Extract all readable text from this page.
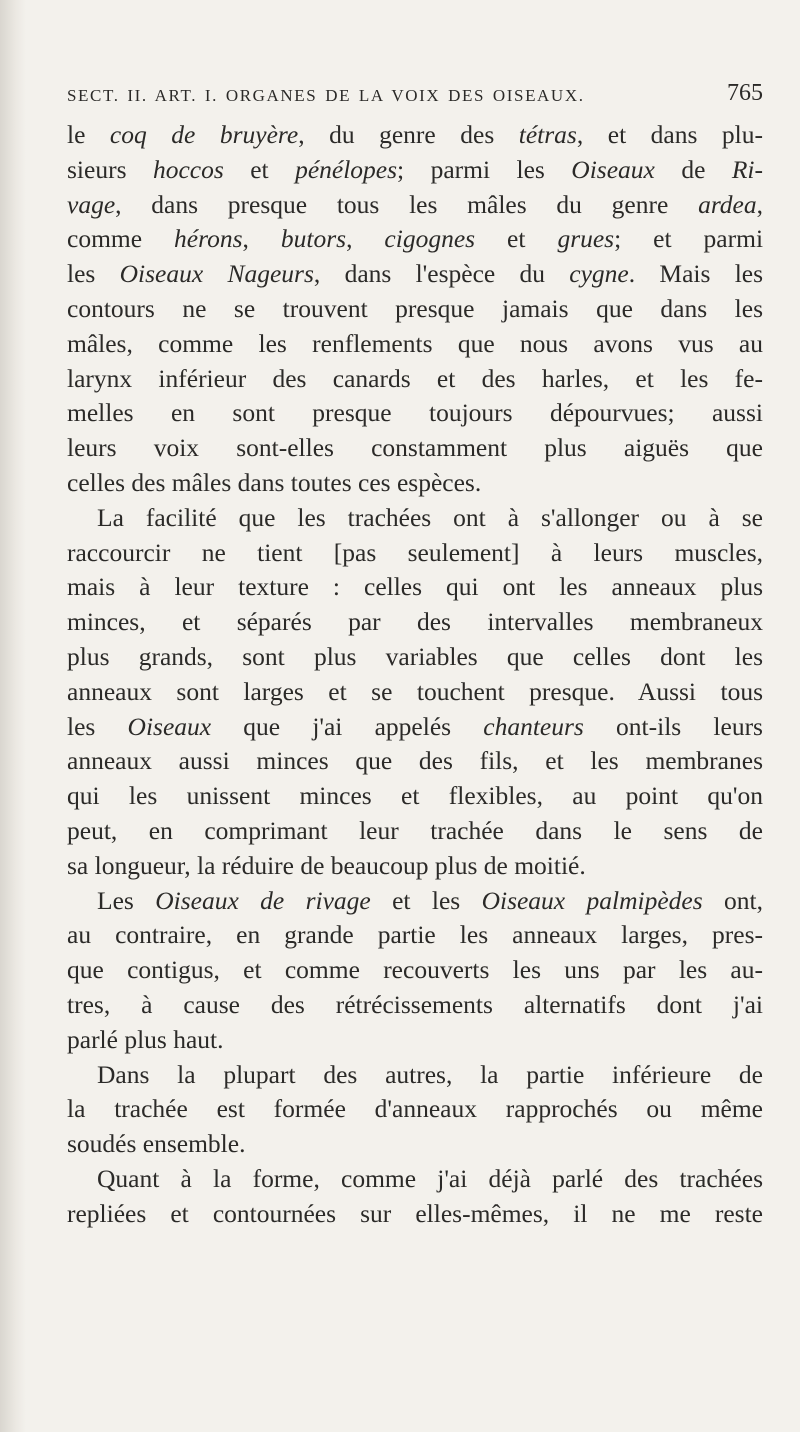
SECT. II. ART. I. ORGANES DE LA VOIX DES OISEAUX.	765
le coq de bruyère, du genre des tétras, et dans plu-
sieurs hoccos et pénélopes; parmi les Oiseaux de Ri-
vage, dans presque tous les mâles du genre ardea,
comme hérons, butors, cigognes et grues; et parmi
les Oiseaux Nageurs, dans l'espèce du cygne. Mais les
contours ne se trouvent presque jamais que dans les
mâles, comme les renflements que nous avons vus au
larynx inférieur des canards et des harles, et les fe-
melles en sont presque toujours dépourvues; aussi
leurs voix sont-elles constamment plus aiguës que
celles des mâles dans toutes ces espèces.
La facilité que les trachées ont à s'allonger ou à se
raccourcir ne tient [pas seulement] à leurs muscles,
mais à leur texture : celles qui ont les anneaux plus
minces, et séparés par des intervalles membraneux
plus grands, sont plus variables que celles dont les
anneaux sont larges et se touchent presque. Aussi tous
les Oiseaux que j'ai appelés chanteurs ont-ils leurs
anneaux aussi minces que des fils, et les membranes
qui les unissent minces et flexibles, au point qu'on
peut, en comprimant leur trachée dans le sens de
sa longueur, la réduire de beaucoup plus de moitié.
Les Oiseaux de rivage et les Oiseaux palmipèdes ont,
au contraire, en grande partie les anneaux larges, pres-
que contigus, et comme recouverts les uns par les au-
tres, à cause des rétrécissements alternatifs dont j'ai
parlé plus haut.
Dans la plupart des autres, la partie inférieure de
la trachée est formée d'anneaux rapprochés ou même
soudés ensemble.
Quant à la forme, comme j'ai déjà parlé des trachées
repliées et contournées sur elles-mêmes, il ne me reste
